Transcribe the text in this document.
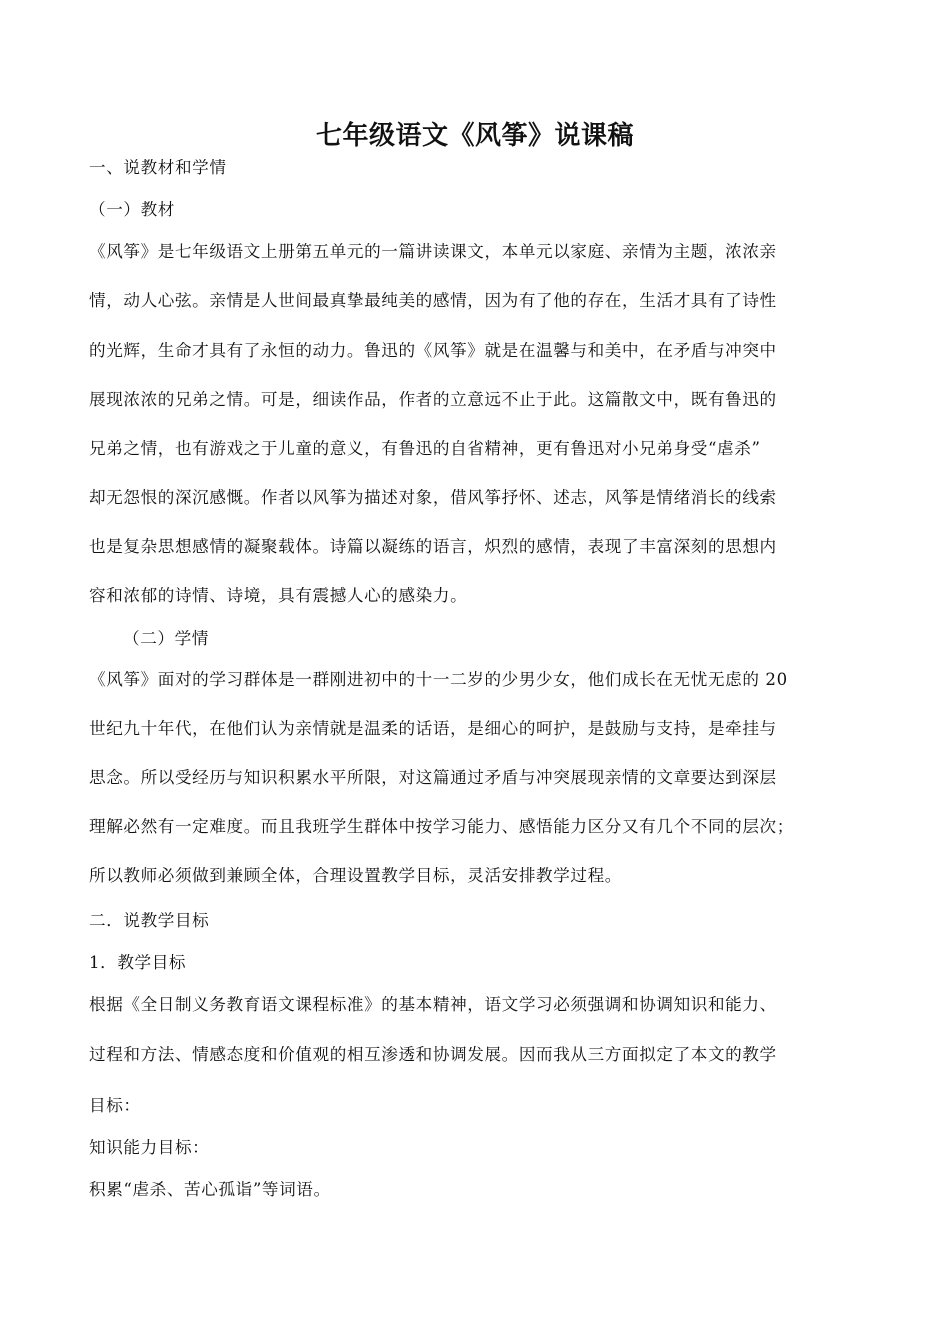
七年级语文《风筝》说课稿
一、说教材和学情
（一）教材
《风筝》是七年级语文上册第五单元的一篇讲读课文，本单元以家庭、亲情为主题，浓浓亲
情，动人心弦。亲情是人世间最真挚最纯美的感情，因为有了他的存在，生活才具有了诗性
的光辉，生命才具有了永恒的动力。鲁迅的《风筝》就是在温馨与和美中，在矛盾与冲突中
展现浓浓的兄弟之情。可是，细读作品，作者的立意远不止于此。这篇散文中，既有鲁迅的
兄弟之情，也有游戏之于儿童的意义，有鲁迅的自省精神，更有鲁迅对小兄弟身受“虐杀”
却无怨恨的深沉感慨。作者以风筝为描述对象，借风筝抒怀、述志，风筝是情绪消长的线索
也是复杂思想感情的凝聚载体。诗篇以凝练的语言，炽烈的感情，表现了丰富深刻的思想内
容和浓郁的诗情、诗境，具有震撼人心的感染力。
（二）学情
《风筝》面对的学习群体是一群刚进初中的十一二岁的少男少女，他们成长在无忧无虑的 20
世纪九十年代，在他们认为亲情就是温柔的话语，是细心的呵护，是鼓励与支持，是牵挂与
思念。所以受经历与知识积累水平所限，对这篇通过矛盾与冲突展现亲情的文章要达到深层
理解必然有一定难度。而且我班学生群体中按学习能力、感悟能力区分又有几个不同的层次；
所以教师必须做到兼顾全体，合理设置教学目标，灵活安排教学过程。
二．说教学目标
1．教学目标
根据《全日制义务教育语文课程标准》的基本精神，语文学习必须强调和协调知识和能力、
过程和方法、情感态度和价值观的相互渗透和协调发展。因而我从三方面拟定了本文的教学
目标：
知识能力目标：
积累“虐杀、苦心孤诣”等词语。
